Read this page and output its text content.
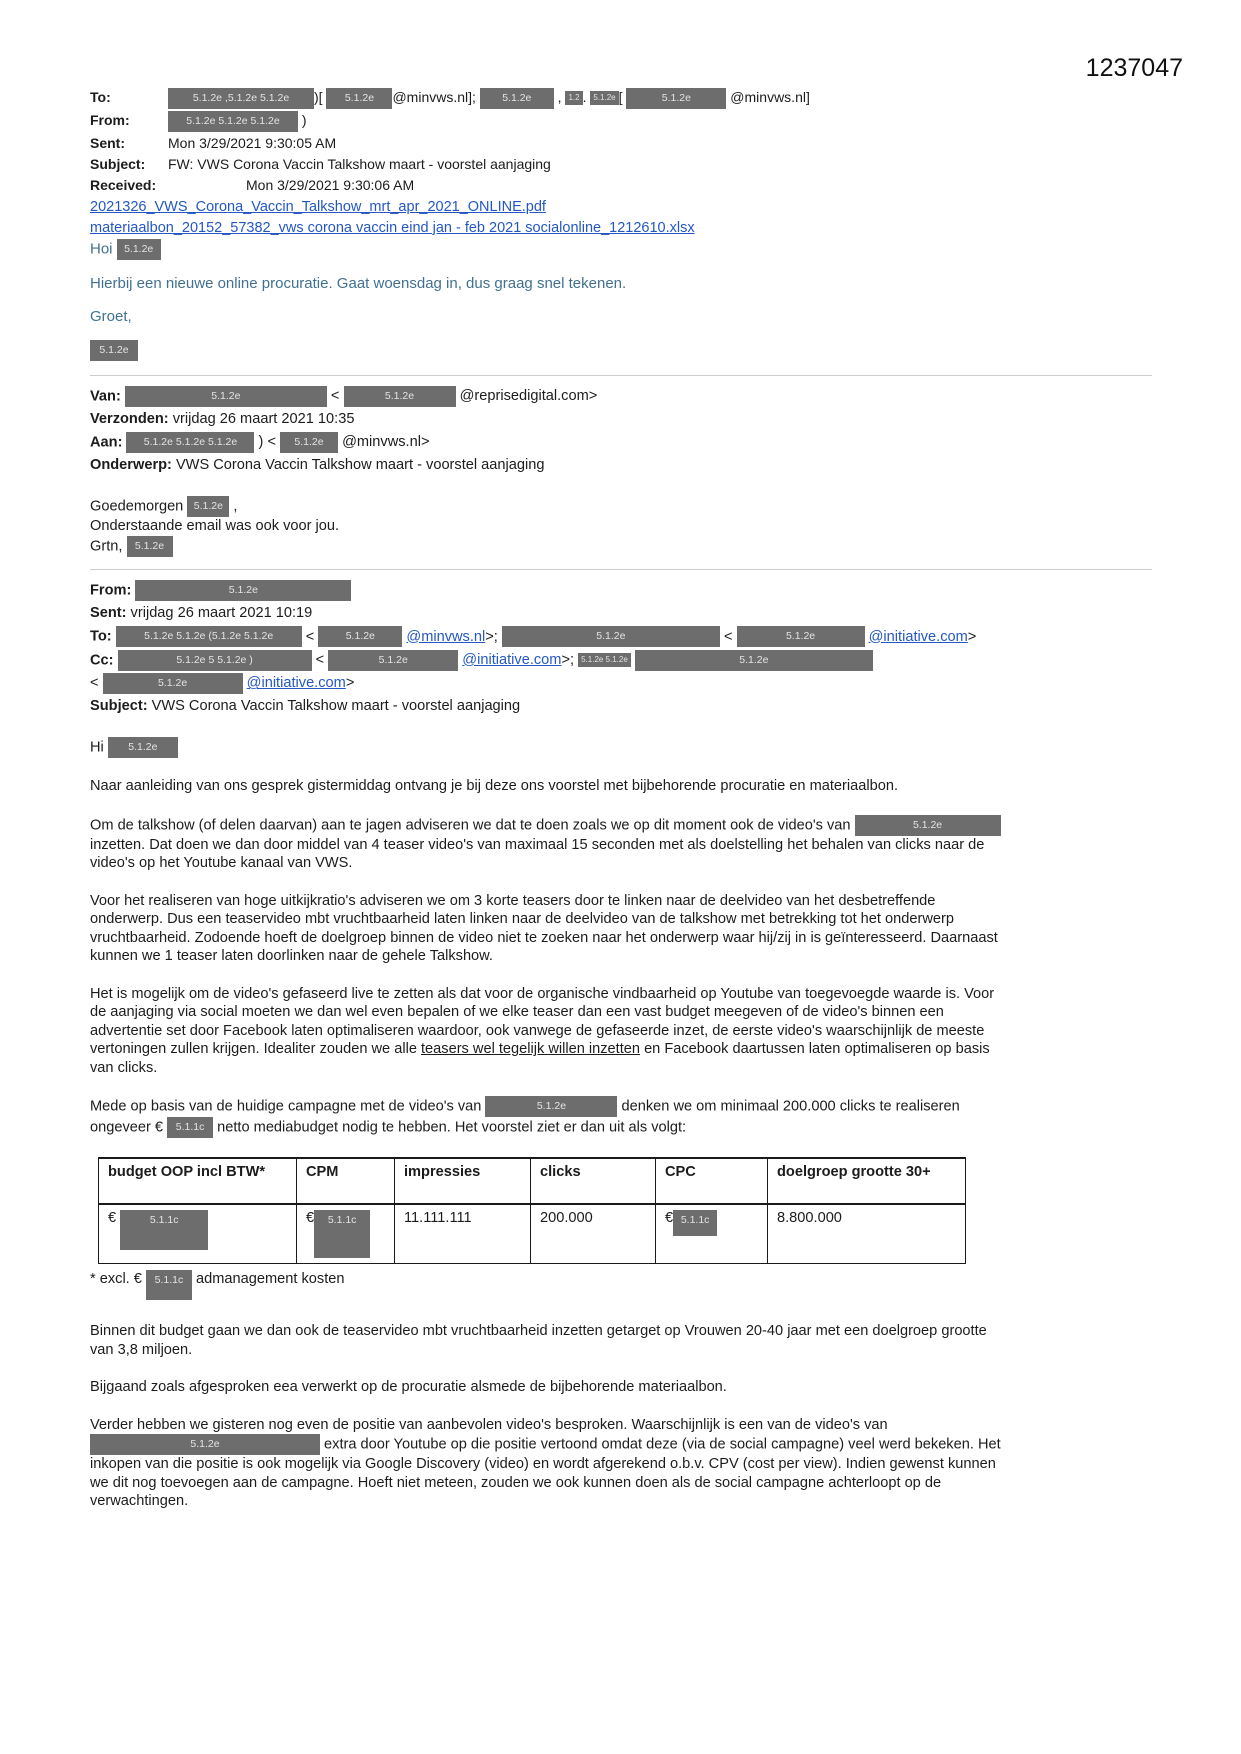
1237047
To:	5.1.2e ,5.1.2e 5.1.2e )[ 5.1.2e @minvws.nl]; 5.1.2e , 1.2 . 5.1.2e [	5.1.2e	@minvws.nl]
From:	5.1.2e 5.1.2e 5.1.2e )
Sent:	Mon 3/29/2021 9:30:05 AM
Subject:	FW: VWS Corona Vaccin Talkshow maart - voorstel aanjaging
Received:	Mon 3/29/2021 9:30:06 AM
2021326_VWS_Corona_Vaccin_Talkshow_mrt_apr_2021_ONLINE.pdf
materiaalbon_20152_57382_vws corona vaccin eind jan - feb 2021 socialonline_1212610.xlsx
Hoi 5.1.2e
Hierbij een nieuwe online procuratie. Gaat woensdag in, dus graag snel tekenen.
Groet,
5.1.2e
Van:	5.1.2e	<	5.1.2e	@reprisedigital.com>
Verzonden: vrijdag 26 maart 2021 10:35
Aan: 5.1.2e 5.1.2e 5.1.2e ) < 5.1.2e @minvws.nl>
Onderwerp: VWS Corona Vaccin Talkshow maart - voorstel aanjaging
Goedemorgen 5.1.2e ,
Onderstaande email was ook voor jou.
Grtn, 5.1.2e
From:	5.1.2e
Sent: vrijdag 26 maart 2021 10:19
To:	5.1.2e 5.1.2e (5.1.2e 5.1.2e <	5.1.2e @minvws.nl>;	5.1.2e	<	5.1.2e	@initiative.com>
Cc:	5.1.2e 5 5.1.2e )	<	5.1.2e	@initiative.com>; 5.1.2e 5.1.2e	5.1.2e
<	5.1.2e	@initiative.com>
Subject: VWS Corona Vaccin Talkshow maart - voorstel aanjaging
Hi 5.1.2e
Naar aanleiding van ons gesprek gistermiddag ontvang je bij deze ons voorstel met bijbehorende procuratie en materiaalbon.
Om de talkshow (of delen daarvan) aan te jagen adviseren we dat te doen zoals we op dit moment ook de video's van	5.1.2e	inzetten. Dat doen we dan door middel van 4 teaser video's van maximaal 15 seconden met als doelstelling het behalen van clicks naar de video's op het Youtube kanaal van VWS.
Voor het realiseren van hoge uitkijkratio's adviseren we om 3 korte teasers door te linken naar de deelvideo van het desbetreffende onderwerp. Dus een teaservideo mbt vruchtbaarheid laten linken naar de deelvideo van de talkshow met betrekking tot het onderwerp vruchtbaarheid. Zodoende hoeft de doelgroep binnen de video niet te zoeken naar het onderwerp waar hij/zij in is geïnteresseerd. Daarnaast kunnen we 1 teaser laten doorlinken naar de gehele Talkshow.
Het is mogelijk om de video's gefaseerd live te zetten als dat voor de organische vindbaarheid op Youtube van toegevoegde waarde is. Voor de aanjaging via social moeten we dan wel even bepalen of we elke teaser dan een vast budget meegeven of de video's binnen een advertentie set door Facebook laten optimaliseren waardoor, ook vanwege de gefaseerde inzet, de eerste video's waarschijnlijk de meeste vertoningen zullen krijgen. Idealiter zouden we alle teasers wel tegelijk willen inzetten en Facebook daartussen laten optimaliseren op basis van clicks.
Mede op basis van de huidige campagne met de video's van	5.1.2e	denken we om minimaal 200.000 clicks te realiseren ongeveer € 5.1.1c netto mediabudget nodig te hebben. Het voorstel ziet er dan uit als volgt:
budget OOP incl BTW*	CPM	impressies	clicks	CPC	doelgroep grootte 30+
€ 5.1.1c	€ 5.1.1c	11.111.111	200.000	€ 5.1.1c	8.800.000
* excl. € 5.1.1c admanagement kosten
Binnen dit budget gaan we dan ook de teaservideo mbt vruchtbaarheid inzetten getarget op Vrouwen 20-40 jaar met een doelgroep grootte van 3,8 miljoen.
Bijgaand zoals afgesproken eea verwerkt op de procuratie alsmede de bijbehorende materiaalbon.
Verder hebben we gisteren nog even de positie van aanbevolen video's besproken. Waarschijnlijk is een van de video's van 5.1.2e	extra door Youtube op die positie vertoond omdat deze (via de social campagne) veel werd bekeken. Het inkopen van die positie is ook mogelijk via Google Discovery (video) en wordt afgerekend o.b.v. CPV (cost per view). Indien gewenst kunnen we dit nog toevoegen aan de campagne. Hoeft niet meteen, zouden we ook kunnen doen als de social campagne achterloopt op de verwachtingen.
